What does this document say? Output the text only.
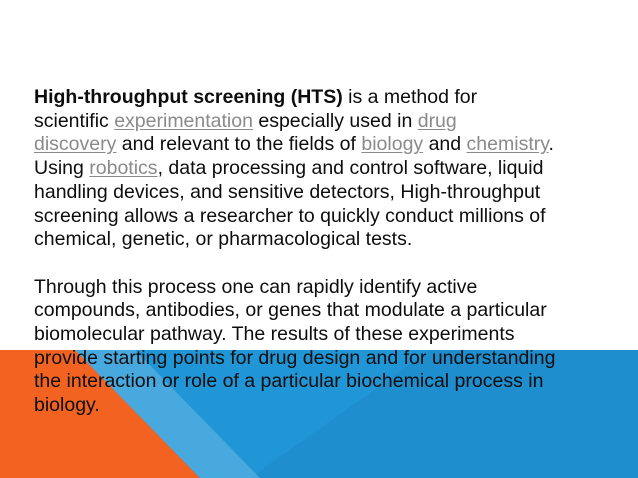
High-throughput screening (HTS) is a method for
scientific experimentation especially used in drug
discovery and relevant to the fields of biology and chemistry.
Using robotics, data processing and control software, liquid
handling devices, and sensitive detectors, High-throughput
screening allows a researcher to quickly conduct millions of
chemical, genetic, or pharmacological tests.

Through this process one can rapidly identify active
compounds, antibodies, or genes that modulate a particular
biomolecular pathway. The results of these experiments
provide starting points for drug design and for understanding
the interaction or role of a particular biochemical process in
biology.
